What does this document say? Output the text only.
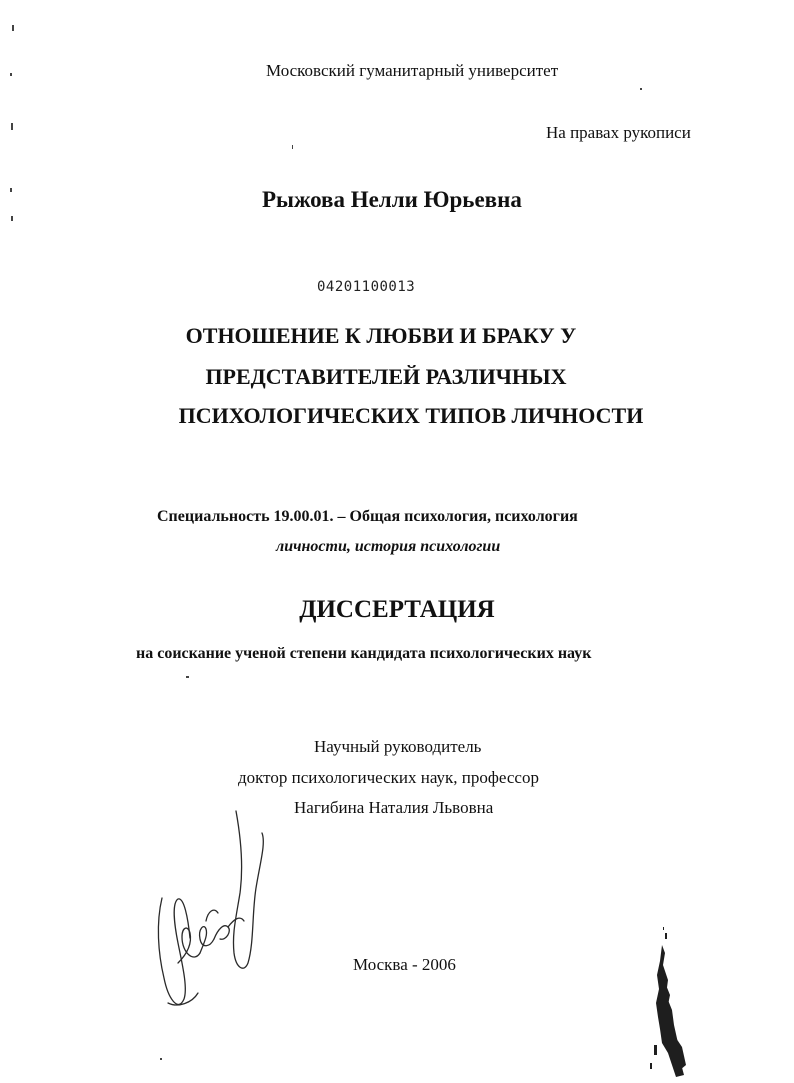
Московский гуманитарный университет
На правах рукописи
Рыжова Нелли Юрьевна
04201100013
ОТНОШЕНИЕ К ЛЮБВИ И БРАКУ У
ПРЕДСТАВИТЕЛЕЙ РАЗЛИЧНЫХ
ПСИХОЛОГИЧЕСКИХ ТИПОВ ЛИЧНОСТИ
Специальность 19.00.01. – Общая психология, психология
личности, история психологии
ДИССЕРТАЦИЯ
на соискание ученой степени кандидата психологических наук
Научный руководитель
доктор психологических наук, профессор
Нагибина Наталия Львовна
Москва - 2006
